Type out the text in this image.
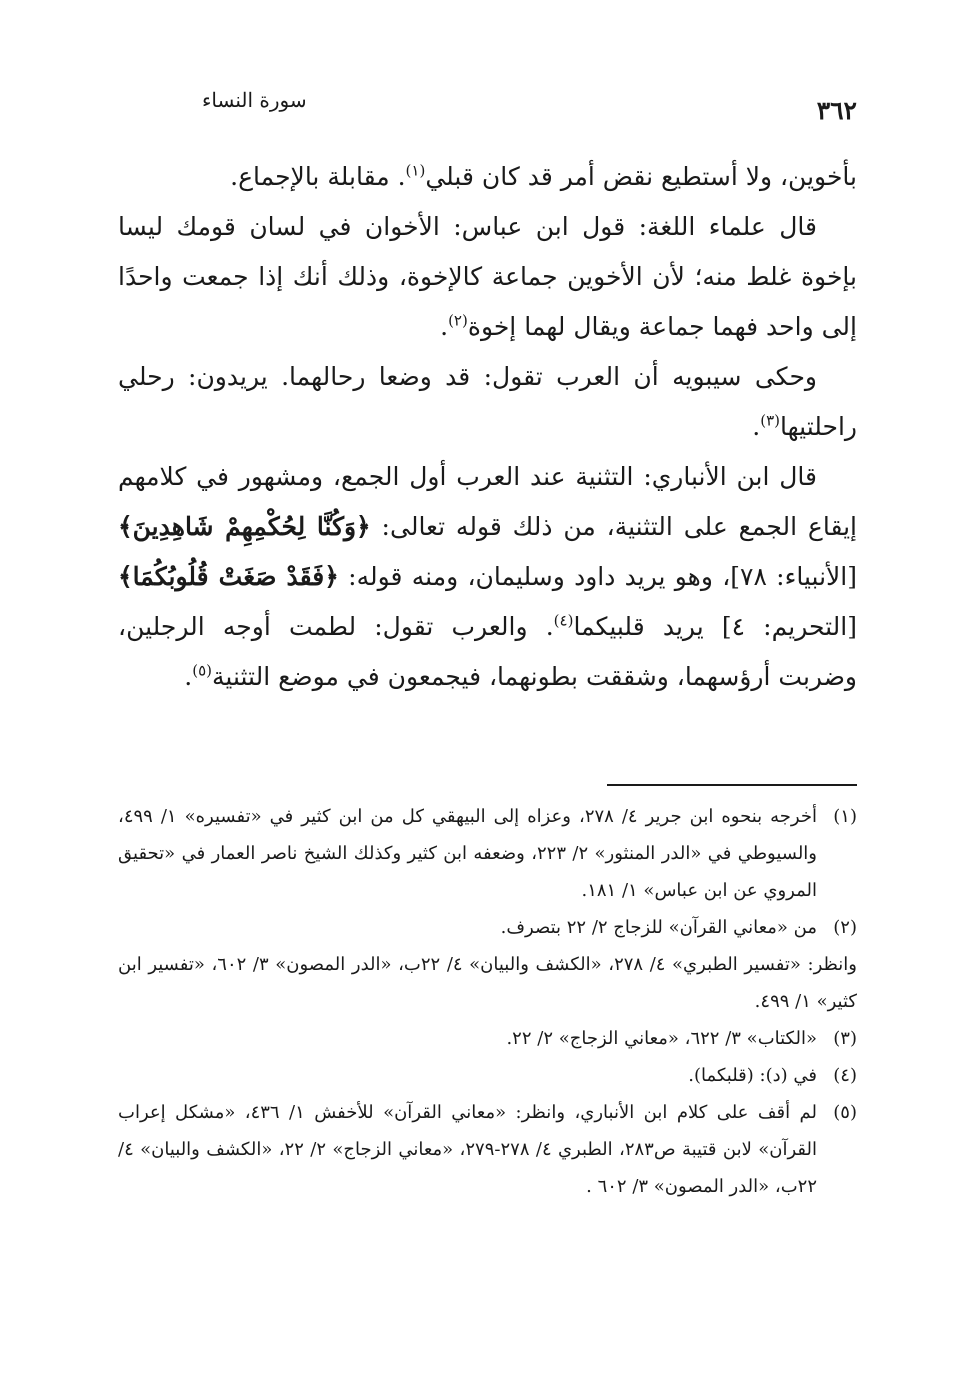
٣٦٢
سورة النساء

بأخوين، ولا أستطيع نقض أمر قد كان قبلي$^{(١)}$. مقابلة بالإجماع.

قال علماء اللغة: قول ابن عباس: الأخوان في لسان قومك ليسا بإخوة غلط منه؛ لأن الأخوين جماعة كالإخوة، وذلك أنك إذا جمعت واحدًا إلى واحد فهما جماعة ويقال لهما إخوة$^{(٢)}$.

وحكى سيبويه أن العرب تقول: قد وضعا رحالهما. يريدون: رحلي راحلتيها$^{(٣)}$.

قال ابن الأنباري: التثنية عند العرب أول الجمع، ومشهور في كلامهم إيقاع الجمع على التثنية، من ذلك قوله تعالى: ﴿وَكُنَّا لِحُكْمِهِمْ شَاهِدِينَ﴾ [الأنبياء: ٧٨]، وهو يريد داود وسليمان، ومنه قوله: ﴿فَقَدْ صَغَتْ قُلُوبُكُمَا﴾ [التحريم: ٤] يريد قلبيكما$^{(٤)}$. والعرب تقول: لطمت أوجه الرجلين، وضربت أرؤسهما، وشققت بطونهما، فيجمعون في موضع التثنية$^{(٥)}$.

(١)

أخرجه بنحوه ابن جرير ٤/ ٢٧٨، وعزاه إلى البيهقي كل من ابن كثير في «تفسيره» ١/ ٤٩٩، والسيوطي في «الدر المنثور» ٢/ ٢٢٣، وضعفه ابن كثير وكذلك الشيخ ناصر العمار في «تحقيق المروي عن ابن عباس» ١/ ١٨١.

(٢)

من «معاني القرآن» للزجاج ٢/ ٢٢ بتصرف.

وانظر: «تفسير الطبري» ٤/ ٢٧٨، «الكشف والبيان» ٤/ ٢٢ب، «الدر المصون» ٣/ ٦٠٢، «تفسير ابن كثير» ١/ ٤٩٩.

(٣)

«الكتاب» ٣/ ٦٢٢، «معاني الزجاج» ٢/ ٢٢.

(٤)

في (د): (قلبكما).

(٥)

لم أقف على كلام ابن الأنباري، وانظر: «معاني القرآن» للأخفش ١/ ٤٣٦، «مشكل إعراب القرآن» لابن قتيبة ص٢٨٣، الطبري ٤/ ٢٧٨-٢٧٩، «معاني الزجاج» ٢/ ٢٢، «الكشف والبيان» ٤/ ٢٢ب، «الدر المصون» ٣/ ٦٠٢ .
